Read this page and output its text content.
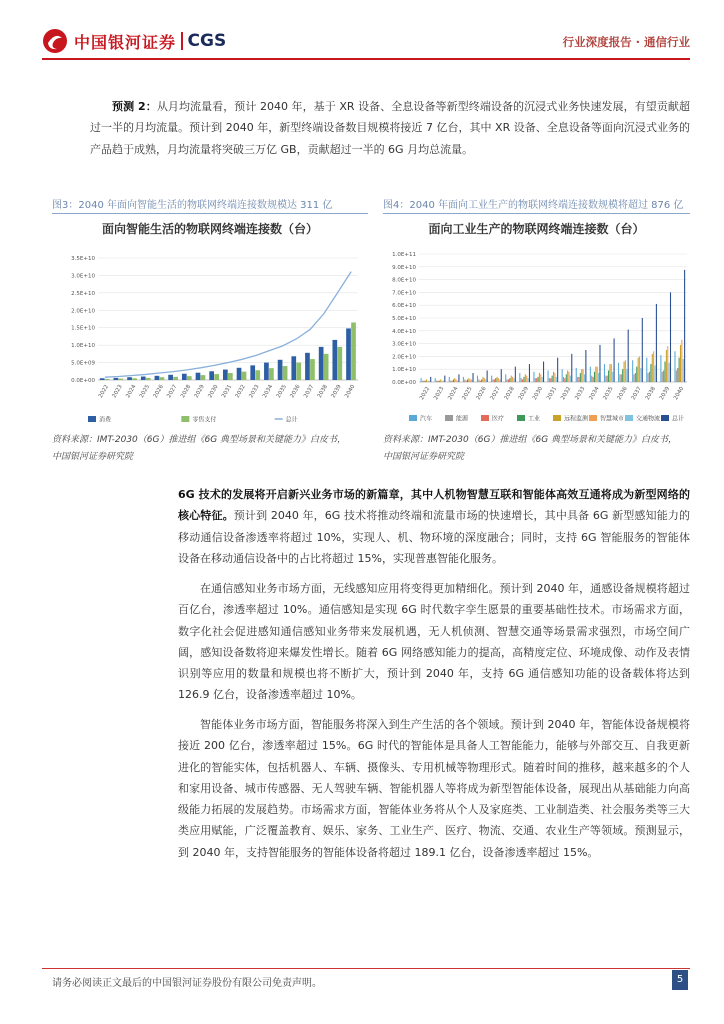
中国银河证券 CGS	行业深度报告 · 通信行业
预测 2：从月均流量看，预计 2040 年，基于 XR 设备、全息设备等新型终端设备的沉浸式业务快速发展，有望贡献超过一半的月均流量。预计到 2040 年，新型终端设备数目规模将接近 7 亿台，其中 XR 设备、全息设备等面向沉浸式业务的产品趋于成熟，月均流量将突破三万亿 GB，贡献超过一半的 6G 月均总流量。
图3：2040 年面向智能生活的物联网终端连接数规模达 311 亿
面向智能生活的物联网终端连接数（台）
0.0E+00
5.0E+09
1.0E+10
1.5E+10
2.0E+10
2.5E+10
3.0E+10
3.5E+10
2022 2023 2024 2025 2026 2027 2028 2029 2030 2031 2032 2033 2034 2035 2036 2037 2038 2039 2040
消费	零售支付	总计
资料来源：IMT-2030（6G）推进组《6G 典型场景和关键能力》白皮书，
中国银河证券研究院
图4：2040 年面向工业生产的物联网终端连接数规模将超过 876 亿
面向工业生产的物联网终端连接数（台）
0.0E+00
1.0E+10
2.0E+10
3.0E+10
4.0E+10
5.0E+10
6.0E+10
7.0E+10
8.0E+10
9.0E+10
1.0E+11
2022 2023 2024 2025 2026 2027 2028 2029 2030 2031 2032 2033 2034 2035 2036 2037 2038 2039 2040
汽车	能源	医疗	工业	远程监测 智慧城市 交通物流 总计
资料来源：IMT-2030（6G）推进组《6G 典型场景和关键能力》白皮书，
中国银河证券研究院
6G 技术的发展将开启新兴业务市场的新篇章，其中人机物智慧互联和智能体高效互通将成为新型网络的核心特征。预计到 2040 年，6G 技术将推动终端和流量市场的快速增长，其中具备 6G 新型感知能力的移动通信设备渗透率将超过 10%，实现人、机、物环境的深度融合；同时，支持 6G 智能服务的智能体设备在移动通信设备中的占比将超过 15%，实现普惠智能化服务。
在通信感知业务市场方面，无线感知应用将变得更加精细化。预计到 2040 年，通感设备规模将超过百亿台，渗透率超过 10%。通信感知是实现 6G 时代数字孪生愿景的重要基础性技术。市场需求方面，数字化社会促进感知通信感知业务带来发展机遇，无人机侦测、智慧交通等场景需求强烈，市场空间广阔，感知设备数将迎来爆发性增长。随着 6G 网络感知能力的提高，高精度定位、环境成像、动作及表情识别等应用的数量和规模也将不断扩大，预计到 2040 年，支持 6G 通信感知功能的设备载体将达到 126.9 亿台，设备渗透率超过 10%。
智能体业务市场方面，智能服务将深入到生产生活的各个领域。预计到 2040 年，智能体设备规模将接近 200 亿台，渗透率超过 15%。6G 时代的智能体是具备人工智能能力，能够与外部交互、自我更新进化的智能实体，包括机器人、车辆、摄像头、专用机械等物理形式。随着时间的推移，越来越多的个人和家用设备、城市传感器、无人驾驶车辆、智能机器人等将成为新型智能体设备，展现出从基础能力向高级能力拓展的发展趋势。市场需求方面，智能体业务将从个人及家庭类、工业制造类、社会服务类等三大类应用赋能，广泛覆盖教育、娱乐、家务、工业生产、医疗、物流、交通、农业生产等领域。预测显示，到 2040 年，支持智能服务的智能体设备将超过 189.1 亿台，设备渗透率超过 15%。
请务必阅读正文最后的中国银河证券股份有限公司免责声明。	5
